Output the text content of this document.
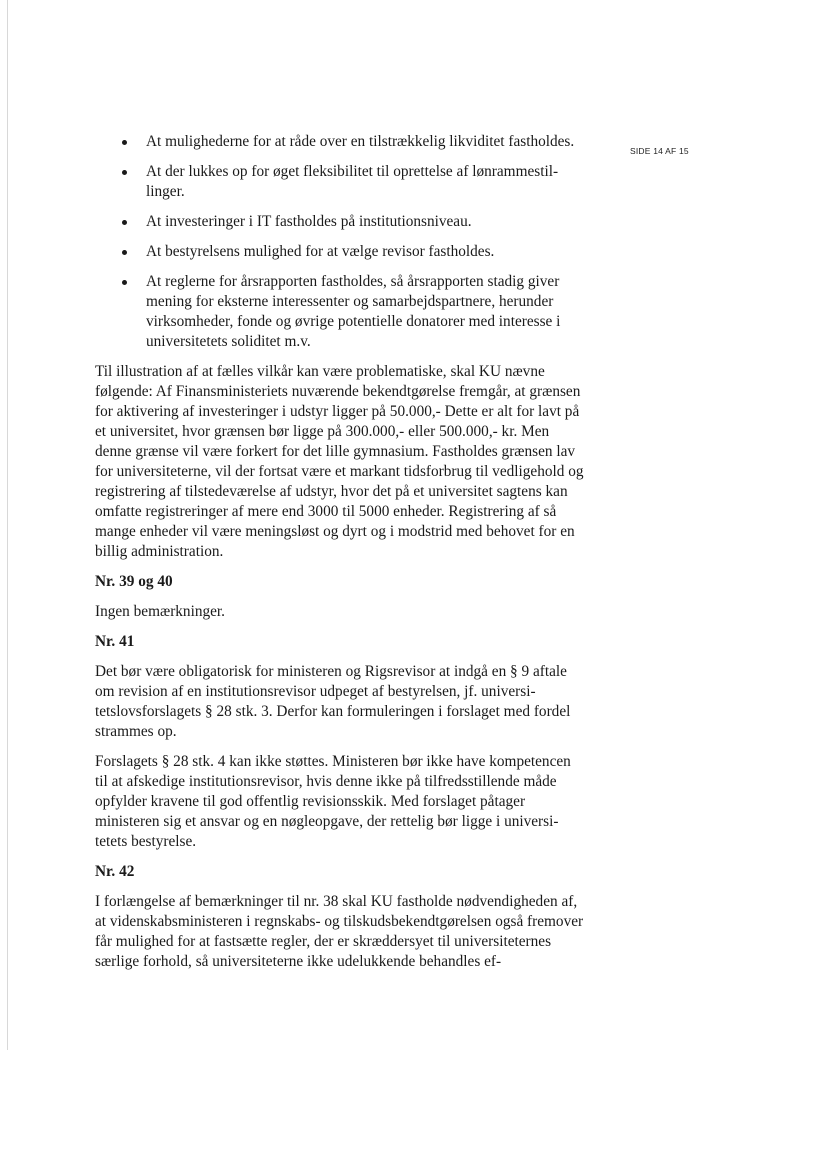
SIDE 14 AF 15
At mulighederne for at råde over en tilstrækkelig likviditet fastholdes.
At der lukkes op for øget fleksibilitet til oprettelse af lønrammestillinger.
At investeringer i IT fastholdes på institutionsniveau.
At bestyrelsens mulighed for at vælge revisor fastholdes.
At reglerne for årsrapporten fastholdes, så årsrapporten stadig giver mening for eksterne interessenter og samarbejdspartnere, herunder virksomheder, fonde og øvrige potentielle donatorer med interesse i universitetets soliditet m.v.

Til illustration af at fælles vilkår kan være problematiske, skal KU nævne følgende: Af Finansministeriets nuværende bekendtgørelse fremgår, at grænsen for aktivering af investeringer i udstyr ligger på 50.000,- Dette er alt for lavt på et universitet, hvor grænsen bør ligge på 300.000,- eller 500.000,- kr. Men denne grænse vil være forkert for det lille gymnasium. Fastholdes grænsen lav for universiteterne, vil der fortsat være et markant tidsforbrug til vedligehold og registrering af tilstedeværelse af udstyr, hvor det på et universitet sagtens kan omfatte registreringer af mere end 3000 til 5000 enheder. Registrering af så mange enheder vil være meningsløst og dyrt og i modstrid med behovet for en billig administration.

Nr. 39 og 40

Ingen bemærkninger.

Nr. 41

Det bør være obligatorisk for ministeren og Rigsrevisor at indgå en § 9 aftale om revision af en institutionsrevisor udpeget af bestyrelsen, jf. universitetslovsforslagets § 28 stk. 3. Derfor kan formuleringen i forslaget med fordel strammes op.

Forslagets § 28 stk. 4 kan ikke støttes. Ministeren bør ikke have kompetencen til at afskedige institutionsrevisor, hvis denne ikke på tilfredsstillende måde opfylder kravene til god offentlig revisionsskik. Med forslaget påtager ministeren sig et ansvar og en nøgleopgave, der rettelig bør ligge i universitetets bestyrelse.

Nr. 42

I forlængelse af bemærkninger til nr. 38 skal KU fastholde nødvendigheden af, at videnskabsministeren i regnskabs- og tilskudsbekendtgørelsen også fremover får mulighed for at fastsætte regler, der er skræddersyet til universiteternes særlige forhold, så universiteterne ikke udelukkende behandles ef-
